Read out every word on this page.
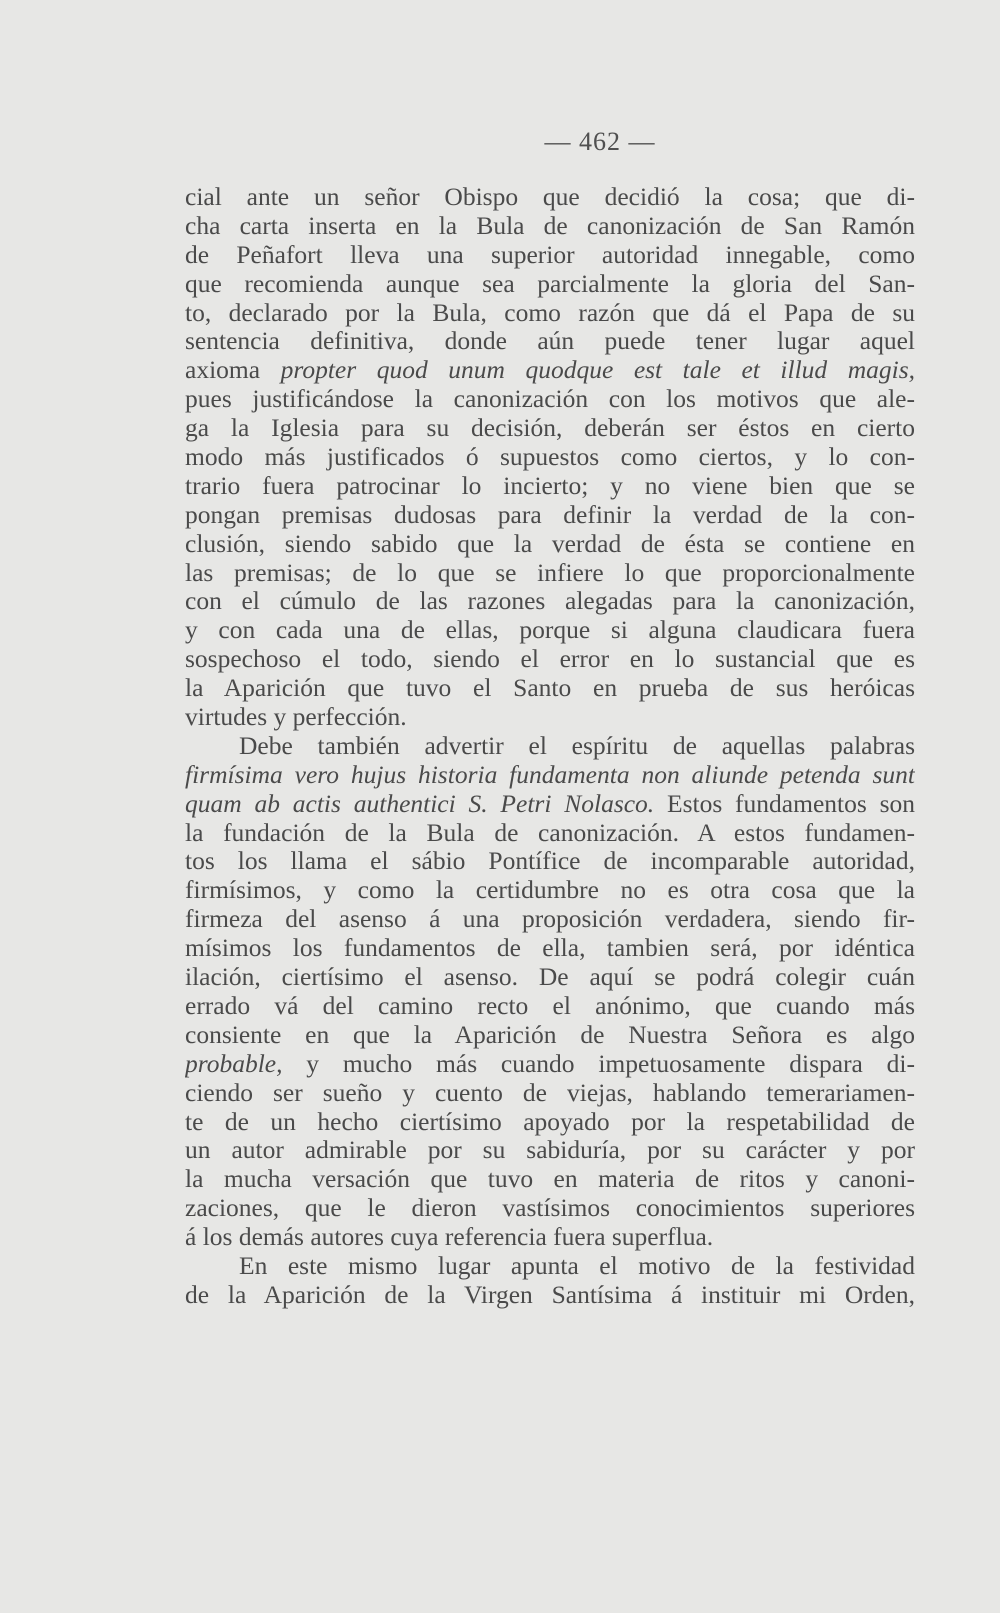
— 462 —
cial ante un señor Obispo que decidió la cosa; que di-
cha carta inserta en la Bula de canonización de San Ramón
de Peñafort lleva una superior autoridad innegable, como
que recomienda aunque sea parcialmente la gloria del San-
to, declarado por la Bula, como razón que dá el Papa de su
sentencia definitiva, donde aún puede tener lugar aquel
axioma propter quod unum quodque est tale et illud magis,
pues justificándose la canonización con los motivos que ale-
ga la Iglesia para su decisión, deberán ser éstos en cierto
modo más justificados ó supuestos como ciertos, y lo con-
trario fuera patrocinar lo incierto; y no viene bien que se
pongan premisas dudosas para definir la verdad de la con-
clusión, siendo sabido que la verdad de ésta se contiene en
las premisas; de lo que se infiere lo que proporcionalmente
con el cúmulo de las razones alegadas para la canonización,
y con cada una de ellas, porque si alguna claudicara fuera
sospechoso el todo, siendo el error en lo sustancial que es
la Aparición que tuvo el Santo en prueba de sus heróicas
virtudes y perfección.
Debe también advertir el espíritu de aquellas palabras
firmísima vero hujus historia fundamenta non aliunde petenda sunt
quam ab actis authentici S. Petri Nolasco. Estos fundamentos son
la fundación de la Bula de canonización. A estos fundamen-
tos los llama el sábio Pontífice de incomparable autoridad,
firmísimos, y como la certidumbre no es otra cosa que la
firmeza del asenso á una proposición verdadera, siendo fir-
mísimos los fundamentos de ella, tambien será, por idéntica
ilación, ciertísimo el asenso. De aquí se podrá colegir cuán
errado vá del camino recto el anónimo, que cuando más
consiente en que la Aparición de Nuestra Señora es algo
probable, y mucho más cuando impetuosamente dispara di-
ciendo ser sueño y cuento de viejas, hablando temerariamen-
te de un hecho ciertísimo apoyado por la respetabilidad de
un autor admirable por su sabiduría, por su carácter y por
la mucha versación que tuvo en materia de ritos y canoni-
zaciones, que le dieron vastísimos conocimientos superiores
á los demás autores cuya referencia fuera superflua.
En este mismo lugar apunta el motivo de la festividad
de la Aparición de la Virgen Santísima á instituir mi Orden,
